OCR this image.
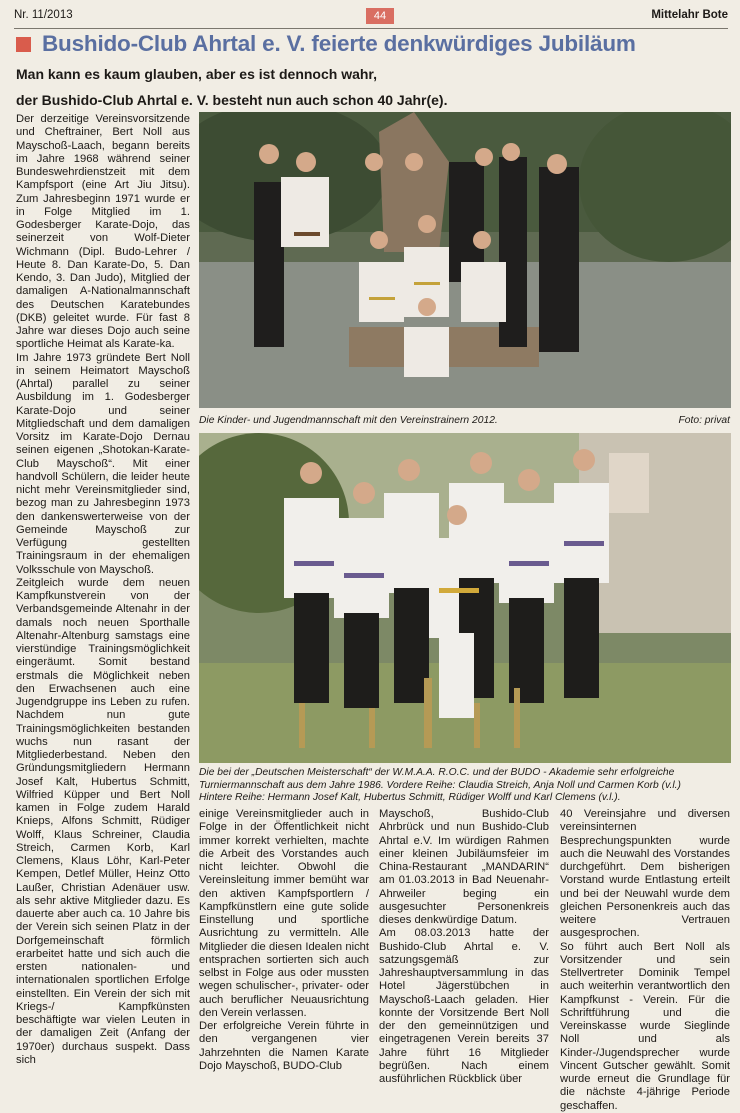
Nr. 11/2013	44	Mittelahr Bote
Bushido-Club Ahrtal e. V. feierte denkwürdiges Jubiläum
Man kann es kaum glauben, aber es ist dennoch wahr,
der Bushido-Club Ahrtal e. V. besteht nun auch schon 40 Jahr(e).

Der derzeitige Vereinsvorsitzende und Cheftrainer, Bert Noll aus Mayschoß-Laach, begann bereits im Jahre 1968 während seiner Bundeswehrdienstzeit mit dem Kampfsport (eine Art Jiu Jitsu). Zum Jahresbeginn 1971 wurde er in Folge Mitglied im 1. Godesberger Karate-Dojo, das seinerzeit von Wolf-Dieter Wichmann (Dipl. Budo-Lehrer / Heute 8. Dan Karate-Do, 5. Dan Kendo, 3. Dan Judo), Mitglied der damaligen A-Nationalmannschaft des Deutschen Karatebundes (DKB) geleitet wurde. Für fast 8 Jahre war dieses Dojo auch seine sportliche Heimat als Karate-ka.

Im Jahre 1973 gründete Bert Noll in seinem Heimatort Mayschoß (Ahrtal) parallel zu seiner Ausbildung im 1. Godesberger Karate-Dojo und seiner Mitgliedschaft und dem damaligen Vorsitz im Karate-Dojo Dernau seinen eigenen „Shotokan-Karate-Club Mayschoß“. Mit einer handvoll Schülern, die leider heute nicht mehr Vereinsmitglieder sind, bezog man zu Jahresbeginn 1973 den dankenswerterweise von der Gemeinde Mayschoß zur Verfügung gestellten Trainingsraum in der ehemaligen Volksschule von Mayschoß.

Zeitgleich wurde dem neuen Kampfkunstverein von der Verbandsgemeinde Altenahr in der damals noch neuen Sporthalle Altenahr-Altenburg samstags eine vierstündige Trainingsmöglichkeit eingeräumt. Somit bestand erstmals die Möglichkeit neben den Erwachsenen auch eine Jugendgruppe ins Leben zu rufen. Nachdem nun gute Trainingsmöglichkeiten bestanden wuchs nun rasant der Mitgliederbestand. Neben den Gründungsmitgliedern Hermann Josef Kalt, Hubertus Schmitt, Wilfried Küpper und Bert Noll kamen in Folge zudem Harald Knieps, Alfons Schmitt, Rüdiger Wolff, Klaus Schreiner, Claudia Streich, Carmen Korb, Karl Clemens, Klaus Löhr, Karl-Peter Kempen, Detlef Müller, Heinz Otto Laußer, Christian Adenäuer usw. als sehr aktive Mitglieder dazu. Es dauerte aber auch ca. 10 Jahre bis der Verein sich seinen Platz in der Dorfgemeinschaft förmlich erarbeitet hatte und sich auch die ersten nationalen- und internationalen sportlichen Erfolge einstellten. Ein Verein der sich mit Kriegs-/ Kampfkünsten beschäftigte war vielen Leuten in der damaligen Zeit (Anfang der 1970er) durchaus suspekt. Dass sich

Die Kinder- und Jugendmannschaft mit den Vereinstrainern 2012.	Foto: privat
Die bei der „Deutschen Meisterschaft“ der W.M.A.A. R.O.C. und der BUDO - Akademie sehr erfolgreiche
Turniermannschaft aus dem Jahre 1986. Vordere Reihe: Claudia Streich, Anja Noll und Carmen Korb (v.l.)
Hintere Reihe: Hermann Josef Kalt, Hubertus Schmitt, Rüdiger Wolff und Karl Clemens (v.l.).

einige Vereinsmitglieder auch in Folge in der Öffentlichkeit nicht immer korrekt verhielten, machte die Arbeit des Vorstandes auch nicht leichter. Obwohl die Vereinsleitung immer bemüht war den aktiven Kampfsportlern / Kampfkünstlern eine gute solide Einstellung und sportliche Ausrichtung zu vermitteln. Alle Mitglieder die diesen Idealen nicht entsprachen sortierten sich auch selbst in Folge aus oder mussten wegen schulischer-, privater- oder auch beruflicher Neuausrichtung den Verein verlassen.

Der erfolgreiche Verein führte in den vergangenen vier Jahrzehnten die Namen Karate Dojo Mayschoß, BUDO-Club

Mayschoß, Bushido-Club Ahrbrück und nun Bushido-Club Ahrtal e.V. Im würdigen Rahmen einer kleinen Jubiläumsfeier im China-Restaurant „MANDARIN“ am 01.03.2013 in Bad Neuenahr-Ahrweiler beging ein ausgesuchter Personenkreis dieses denkwürdige Datum.

Am 08.03.2013 hatte der Bushido-Club Ahrtal e. V. satzungsgemäß zur Jahreshauptversammlung in das Hotel Jägerstübchen in Mayschoß-Laach geladen. Hier konnte der Vorsitzende Bert Noll der den gemeinnützigen und eingetragenen Verein bereits 37 Jahre führt 16 Mitglieder begrüßen. Nach einem ausführlichen Rückblick über

40 Vereinsjahre und diversen vereinsinternen Besprechungspunkten wurde auch die Neuwahl des Vorstandes durchgeführt. Dem bisherigen Vorstand wurde Entlastung erteilt und bei der Neuwahl wurde dem gleichen Personenkreis auch das weitere Vertrauen ausgesprochen.

So führt auch Bert Noll als Vorsitzender und sein Stellvertreter Dominik Tempel auch weiterhin verantwortlich den Kampfkunst - Verein. Für die Schriftführung und die Vereinskasse wurde Sieglinde Noll und als Kinder-/Jugendsprecher wurde Vincent Gutscher gewählt. Somit wurde erneut die Grundlage für die nächste 4-jährige Periode geschaffen.
